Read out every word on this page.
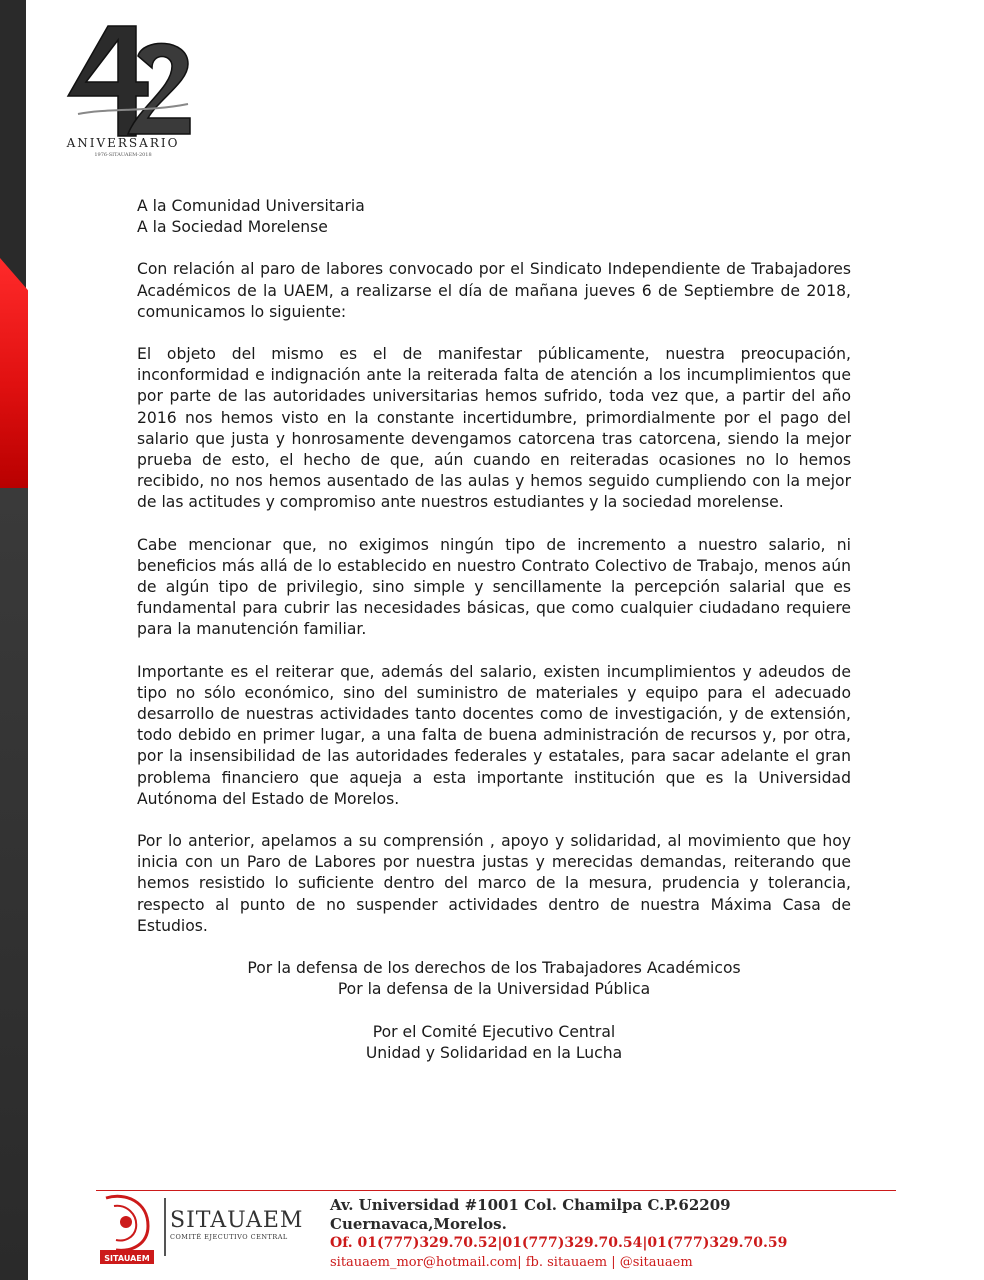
ANIVERSARIO
1976-SITAUAEM-2018

A la Comunidad Universitaria
A la Sociedad Morelense

Con relación al paro de labores convocado por el Sindicato Independiente de Trabajadores Académicos de la UAEM, a realizarse el día de mañana jueves 6 de Septiembre de 2018, comunicamos lo siguiente:

El objeto del mismo es el de manifestar públicamente, nuestra preocupación, inconformidad e indignación ante la reiterada falta de atención a los incumplimientos que por parte de las autoridades universitarias hemos sufrido, toda vez que, a partir del año 2016 nos hemos visto en la constante incertidumbre, primordialmente por el pago del salario que justa y honrosamente devengamos catorcena tras catorcena, siendo la mejor prueba de esto, el hecho de que, aún cuando en reiteradas ocasiones no lo hemos recibido, no nos hemos ausentado de las aulas y hemos seguido cumpliendo con la mejor de las actitudes y compromiso ante nuestros estudiantes y la sociedad morelense.

Cabe mencionar que, no exigimos ningún tipo de incremento a nuestro salario, ni beneficios más allá de lo establecido en nuestro Contrato Colectivo de Trabajo, menos aún de algún tipo de privilegio, sino simple y sencillamente la percepción salarial que es fundamental para cubrir las necesidades básicas, que como cualquier ciudadano requiere para la manutención familiar.

Importante es el reiterar que, además del salario, existen incumplimientos y adeudos de tipo no sólo económico, sino del suministro de materiales y equipo para el adecuado desarrollo de nuestras actividades tanto docentes como de investigación, y de extensión, todo debido en primer lugar, a una falta de buena administración de recursos y, por otra, por la insensibilidad de las autoridades federales y estatales, para sacar adelante el gran problema financiero que aqueja a esta importante institución que es la Universidad Autónoma del Estado de Morelos.

Por lo anterior, apelamos a su comprensión , apoyo y solidaridad, al movimiento que hoy inicia con un Paro de Labores por nuestra justas y merecidas demandas, reiterando que hemos resistido lo suficiente dentro del marco de la mesura, prudencia y tolerancia, respecto al punto de no suspender actividades dentro de nuestra Máxima Casa de Estudios.

Por la defensa de los derechos de los Trabajadores Académicos
Por la defensa de la Universidad Pública

Por el Comité Ejecutivo Central
Unidad y Solidaridad en la Lucha

SITAUAEM
SITAUAEM
COMITÉ EJECUTIVO CENTRAL
Av. Universidad #1001 Col. Chamilpa C.P.62209 Cuernavaca,Morelos.
Of. 01(777)329.70.52|01(777)329.70.54|01(777)329.70.59
sitauaem_mor@hotmail.com| fb. sitauaem | @sitauaem
